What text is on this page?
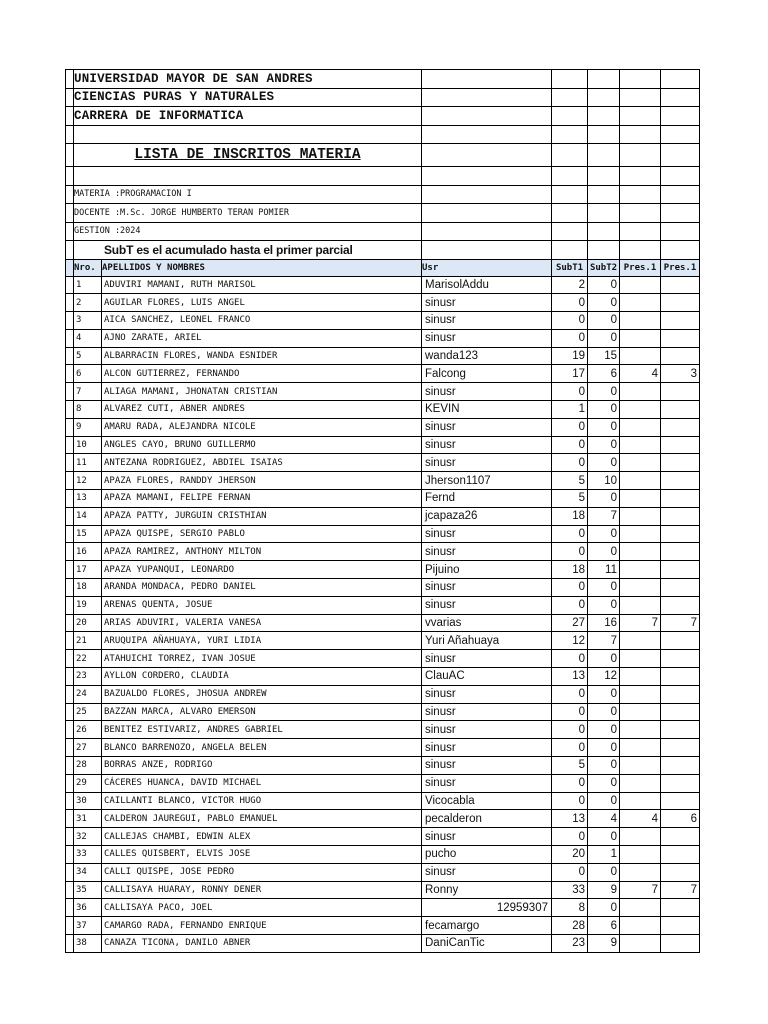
	UNIVERSIDAD MAYOR DE SAN ANDRES						
	CIENCIAS PURAS Y NATURALES						
	CARRERA DE INFORMATICA						

	LISTA DE INSCRITOS MATERIA						

	MATERIA :PROGRAMACION I						
	DOCENTE :M.Sc. JORGE HUMBERTO TERAN POMIER						
	GESTION :2024						
	SubT es el acumulado hasta el primer parcial						
	Nro.	APELLIDOS Y NOMBRES	Usr	SubT1	SubT2	Pres.1	Pres.1
	1	ADUVIRI MAMANI, RUTH MARISOL	MarisolAddu	2	0		
	2	AGUILAR FLORES, LUIS ANGEL	sinusr	0	0		
	3	AICA SANCHEZ, LEONEL FRANCO	sinusr	0	0		
	4	AJNO ZARATE, ARIEL	sinusr	0	0		
	5	ALBARRACIN FLORES, WANDA ESNIDER	wanda123	19	15		
	6	ALCON GUTIERREZ, FERNANDO	Falcong	17	6	4	3
	7	ALIAGA MAMANI, JHONATAN CRISTIAN	sinusr	0	0		
	8	ALVAREZ CUTI, ABNER ANDRES	KEVIN	1	0		
	9	AMARU RADA, ALEJANDRA NICOLE	sinusr	0	0		
	10	ANGLES CAYO, BRUNO GUILLERMO	sinusr	0	0		
	11	ANTEZANA RODRIGUEZ, ABDIEL ISAIAS	sinusr	0	0		
	12	APAZA FLORES, RANDDY JHERSON	Jherson1107	5	10		
	13	APAZA MAMANI, FELIPE FERNAN	Fernd	5	0		
	14	APAZA PATTY, JURGUIN CRISTHIAN	jcapaza26	18	7		
	15	APAZA QUISPE, SERGIO PABLO	sinusr	0	0		
	16	APAZA RAMIREZ, ANTHONY MILTON	sinusr	0	0		
	17	APAZA YUPANQUI, LEONARDO	Pijuino	18	11		
	18	ARANDA MONDACA, PEDRO DANIEL	sinusr	0	0		
	19	ARENAS QUENTA, JOSUE	sinusr	0	0		
	20	ARIAS ADUVIRI, VALERIA VANESA	vvarias	27	16	7	7
	21	ARUQUIPA AÑAHUAYA, YURI LIDIA	Yuri Añahuaya	12	7		
	22	ATAHUICHI TORREZ, IVAN JOSUE	sinusr	0	0		
	23	AYLLON CORDERO, CLAUDIA	ClauAC	13	12		
	24	BAZUALDO FLORES, JHOSUA ANDREW	sinusr	0	0		
	25	BAZZAN MARCA, ALVARO EMERSON	sinusr	0	0		
	26	BENITEZ ESTIVARIZ, ANDRES GABRIEL	sinusr	0	0		
	27	BLANCO BARRENOZO, ANGELA BELEN	sinusr	0	0		
	28	BORRAS ANZE, RODRIGO	sinusr	5	0		
	29	CÁCERES HUANCA, DAVID MICHAEL	sinusr	0	0		
	30	CAILLANTI BLANCO, VICTOR HUGO	Vicocabla	0	0		
	31	CALDERON JAUREGUI, PABLO EMANUEL	pecalderon	13	4	4	6
	32	CALLEJAS CHAMBI, EDWIN ALEX	sinusr	0	0		
	33	CALLES QUISBERT, ELVIS JOSE	pucho	20	1		
	34	CALLI QUISPE, JOSE PEDRO	sinusr	0	0		
	35	CALLISAYA HUARAY, RONNY DENER	Ronny	33	9	7	7
	36	CALLISAYA PACO, JOEL	12959307	8	0		
	37	CAMARGO RADA, FERNANDO ENRIQUE	fecamargo	28	6		
	38	CANAZA TICONA, DANILO ABNER	DaniCanTic	23	9		
